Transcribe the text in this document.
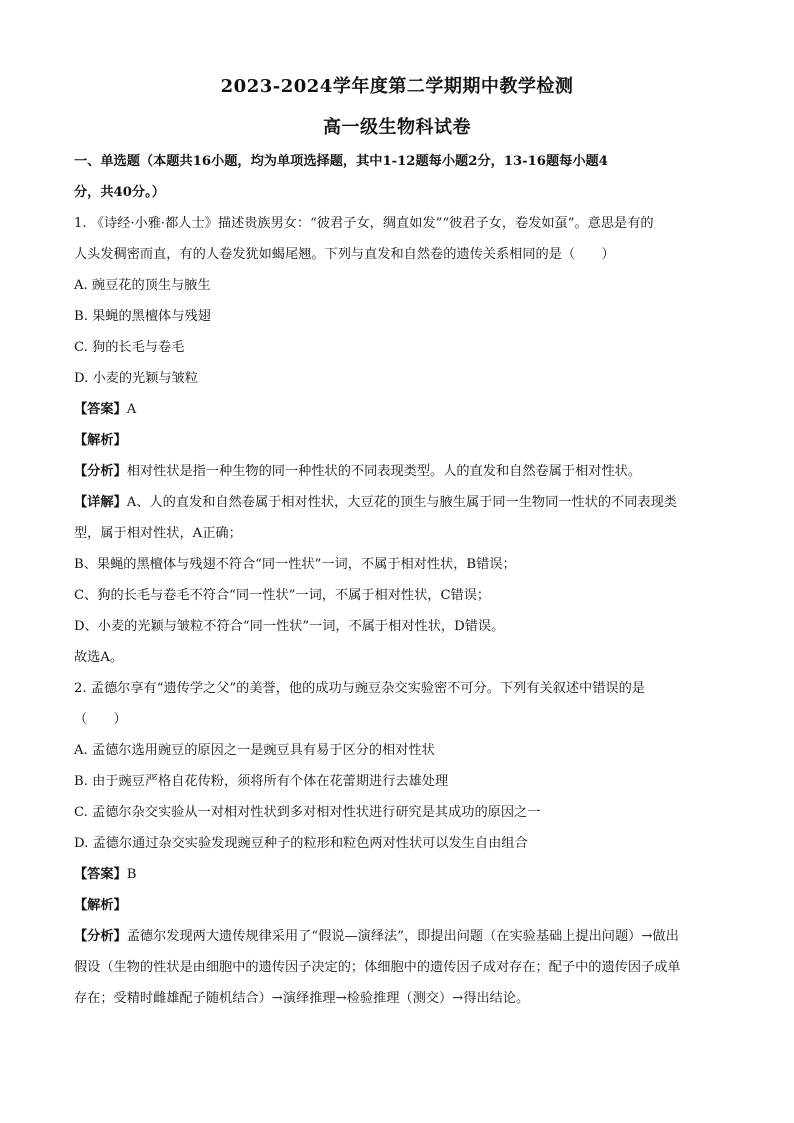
2023-2024学年度第二学期期中教学检测
高一级生物科试卷
一、单选题（本题共16小题，均为单项选择题，其中1-12题每小题2分，13-16题每小题4
分，共40分。）
1. 《诗经·小雅·都人士》描述贵族男女：“彼君子女，绸直如发”“彼君子女，卷发如虿”。意思是有的
人头发稠密而直，有的人卷发犹如蝎尾翘。下列与直发和自然卷的遗传关系相同的是（　　）
A. 豌豆花的顶生与腋生
B. 果蝇的黑檀体与残翅
C. 狗的长毛与卷毛
D. 小麦的光颖与皱粒
【答案】A
【解析】
【分析】相对性状是指一种生物的同一种性状的不同表现类型。人的直发和自然卷属于相对性状。
【详解】A、人的直发和自然卷属于相对性状，大豆花的顶生与腋生属于同一生物同一性状的不同表现类
型，属于相对性状，A正确；
B、果蝇的黑檀体与残翅不符合“同一性状”一词，不属于相对性状，B错误；
C、狗的长毛与卷毛不符合“同一性状”一词，不属于相对性状，C错误；
D、小麦的光颖与皱粒不符合“同一性状”一词，不属于相对性状，D错误。
故选A。
2. 孟德尔享有“遗传学之父”的美誉，他的成功与豌豆杂交实验密不可分。下列有关叙述中错误的是
（　　）
A. 孟德尔选用豌豆的原因之一是豌豆具有易于区分的相对性状
B. 由于豌豆严格自花传粉，须将所有个体在花蕾期进行去雄处理
C. 孟德尔杂交实验从一对相对性状到多对相对性状进行研究是其成功的原因之一
D. 孟德尔通过杂交实验发现豌豆种子的粒形和粒色两对性状可以发生自由组合
【答案】B
【解析】
【分析】孟德尔发现两大遗传规律采用了“假说—演绎法”，即提出问题（在实验基础上提出问题）→做出
假设（生物的性状是由细胞中的遗传因子决定的；体细胞中的遗传因子成对存在；配子中的遗传因子成单
存在；受精时雌雄配子随机结合）→演绎推理→检验推理（测交）→得出结论。
